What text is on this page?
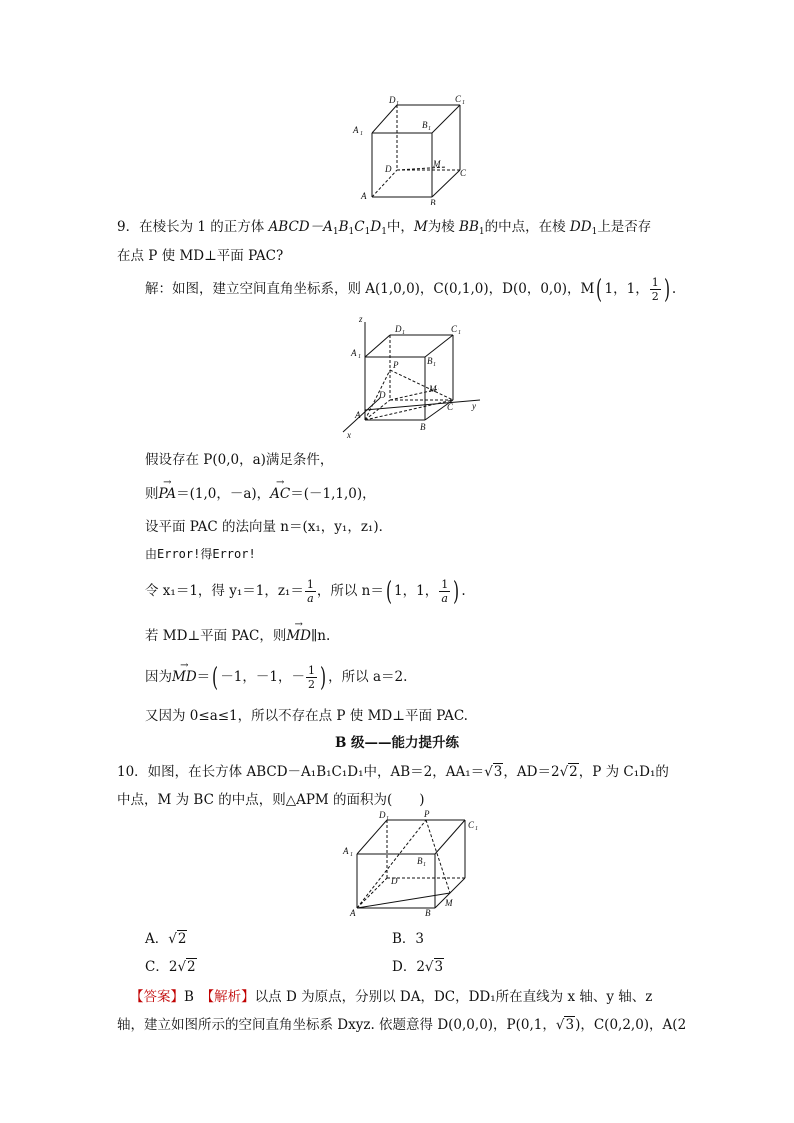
D 1	C 1
A 1
B 1
D	M
C
A
B
9．在棱长为 1 的正方体 $ABCD-A_1B_1C_1D_1$中，M为棱 $BB_1$的中点，在棱 $DD_1$上是否存
在点 P 使 MD⊥平面 PAC?
解：如图，建立空间直角坐标系，则 A(1,0,0)，C(0,1,0)，D(0，0,0)，M( 1，1， $\frac{1}{2}$ ) .
z
D 1	C 1
A 1	B 1
P
M
D
A
C y
x
B
假设存在 P(0,0，a)满足条件，
则→ PA＝(1,0，－a)，→ AC＝(－1,1,0)，
设平面 PAC 的法向量 n＝(x₁，y₁，z₁)．
由Error!得Error!
令 x₁＝1，得 y₁＝1，$z_1= \frac{1}{a}$ ，所以 n＝( 1，1， $\frac{1}{a}$ ) .
若 MD⊥平面 PAC，则→ MD∥n.
因为→ MD＝( －1，－1，－ $\frac{1}{2}$ ) ，所以 a＝2.
又因为 0≤a≤1，所以不存在点 P 使 MD⊥平面 PAC.
B 级——能力提升练
10．如图，在长方体 ABCD－A₁B₁C₁D₁中，AB＝2，AA₁＝√3，AD＝2√2，P 为 C₁D₁的
中点，M 为 BC 的中点，则△APM 的面积为(　　)
D 1	P
C 1
A 1
B 1
D
M
A	B
A．√2	B．3
C．2√2	D．2√3
【答案】B　 【解析】以点 D 为原点，分别以 DA，DC，DD₁所在直线为 x 轴、y 轴、z
轴，建立如图所示的空间直角坐标系 Dxyz. 依题意得 D(0,0,0)，P(0,1，√3)，C(0,2,0)，A(2
